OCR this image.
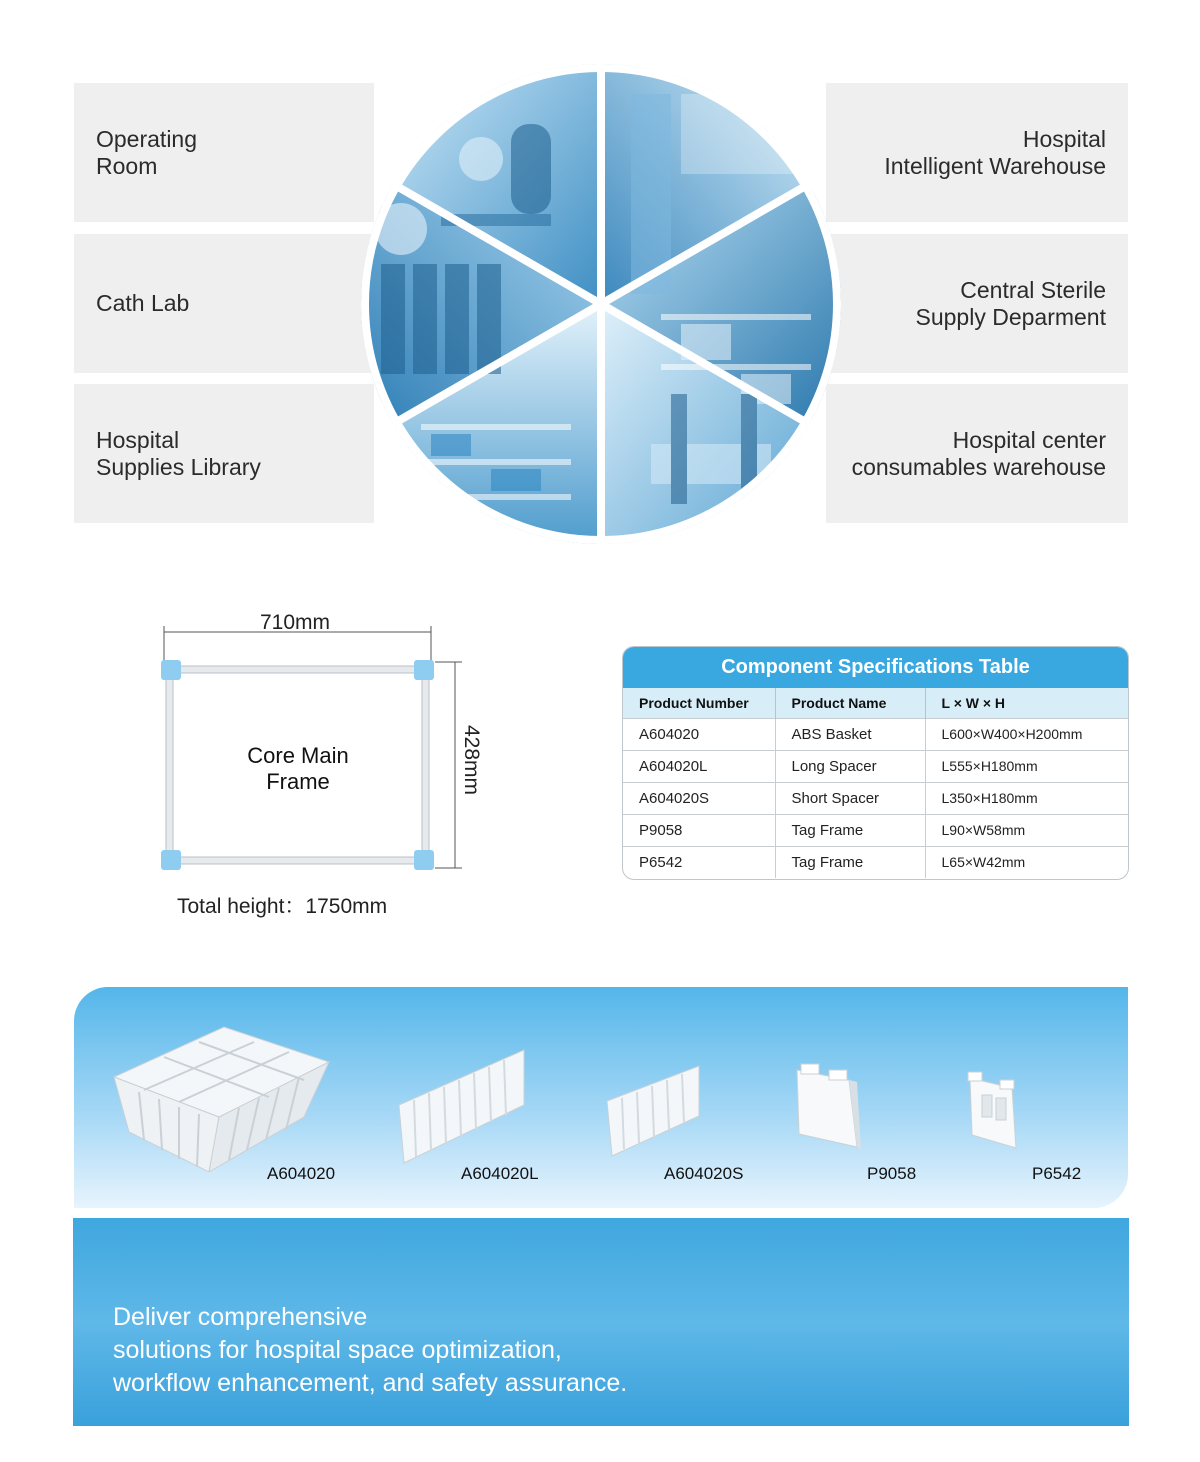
Operating
Room
Cath Lab
Hospital
Supplies Library
Hospital
Intelligent Warehouse
Central Sterile
Supply Deparment
Hospital center
consumables warehouse
710mm
428mm
Core Main
Frame
Total height：1750mm
Component Specifications Table
Product Number	Product Name	L × W × H
A604020	ABS Basket	L600×W400×H200mm
A604020L	Long Spacer	L555×H180mm
A604020S	Short Spacer	L350×H180mm
P9058	Tag Frame	L90×W58mm
P6542	Tag Frame	L65×W42mm
A604020	A604020L	A604020S	P9058	P6542
Deliver comprehensive
solutions for hospital space optimization,
workflow enhancement, and safety assurance.
